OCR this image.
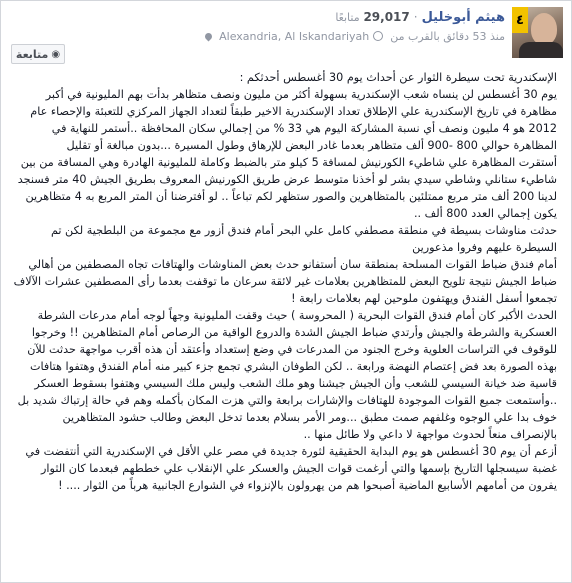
٤
هيثم أبوخليل·29,017 متابعًا
منذ 53 دقائق بالقرب منAlexandria, Al Iskandariyah
◉
متابعة

الإسكندرية تحت سيطرة الثوار عن أحداث يوم 30 أغسطس أحدثكم :

يوم 30 أغسطس لن ينساه شعب الإسكندرية بسهولة أكثر من مليون ونصف متظاهر بدأت بهم المليونية في أكبر مظاهرة في تاريخ الإسكندرية علي الإطلاق تعداد الإسكندرية الاخير طبقاً لتعداد الجهاز المركزي للتعبئة والإحصاء عام 2012 هو 4 مليون ونصف أي نسبة المشاركة اليوم هي 33 % من إجمالي سكان المحافظة ..أستمر للنهاية في المظاهرة حوالي 800 -900 ألف متظاهر بعدما غادر البعض للإرهاق وطول المسيرة ...بدون مبالغة أو تقليل

أستقرت المظاهرة علي شاطيء الكورنيش لمسافة 5 كيلو متر بالضبط وكاملة للمليونية الهادرة وهي المسافة من بين شاطيء ستانلي وشاطي سيدي بشر لو أخذنا متوسط عرض طريق الكورنيش المعروف بطريق الجيش 40 متر فسنجد لدينا 200 ألف متر مربع ممتلئين بالمتظاهرين والصور ستظهر لكم تباعاً .. لو أفترضنا أن المتر المربع به 4 متظاهرين يكون إجمالي العدد 800 ألف ..

حدثت مناوشات بسيطة في منطقة مصطفي كامل علي البحر أمام فندق أزور مع مجموعة من البلطجية لكن تم السيطرة عليهم وفروا مذعورين

أمام فندق ضباط القوات المسلحة بمنطقة سان أستفانو حدث بعض المناوشات والهتافات تجاه المصطفين من أهالي ضباط الجيش نتيجة تلويح البعض للمتظاهرين بعلامات غير لائقة سرعان ما توقفت بعدما رأى المصطفين عشرات الآلاف تجمعوا أسفل الفندق ويهتفون ملوحين لهم بعلامات رابعة !

الحدث الأكبر كان أمام فندق القوات البحرية ( المحروسة ) حيث وقفت المليونية وجهاً لوجه أمام مدرعات الشرطة العسكرية والشرطة والجيش وأرتدي ضباط الجيش الشدة والدروع الواقية من الرصاص أمام المتظاهرين !! وخرجوا للوقوف في التراسات العلوية وخرج الجنود من المدرعات في وضع إستعداد وأعتقد أن هذه أقرب مواجهة حدثت للآن بهذه الصورة بعد فض إعتصام النهضة ورابعة .. لكن الطوفان البشري تجمع جزء كبير منه أمام الفندق وهتفوا هتافات قاسية ضد خيانة السيسي للشعب وأن الجيش جيشنا وهو ملك الشعب وليس ملك السيسي وهتفوا بسقوط العسكر ..وأستمعت جميع القوات الموجودة للهتافات والإشارات برابعة والتي هزت المكان بأكمله وهم في حالة إرتباك شديد بل خوف بدا علي الوجوه وغلفهم صمت مطبق ...ومر الأمر بسلام بعدما تدخل البعض وطالب حشود المتظاهرين بالإنصراف منعاً لحدوث مواجهة لا داعي ولا طائل منها ..

أزعم أن يوم 30 أغسطس هو يوم البداية الحقيقية لثورة جديدة في مصر علي الأقل في الإسكندرية التي أنتفضت في غضبة سيسجلها التاريخ بإسمها والتي أرغمت قوات الجيش والعسكر علي الإنقلاب علي خططهم فبعدما كان الثوار يفرون من أمامهم الأسابيع الماضية أصبحوا هم من يهرولون بالإنزواء في الشوارع الجانبية هرباً من الثوار .... !
